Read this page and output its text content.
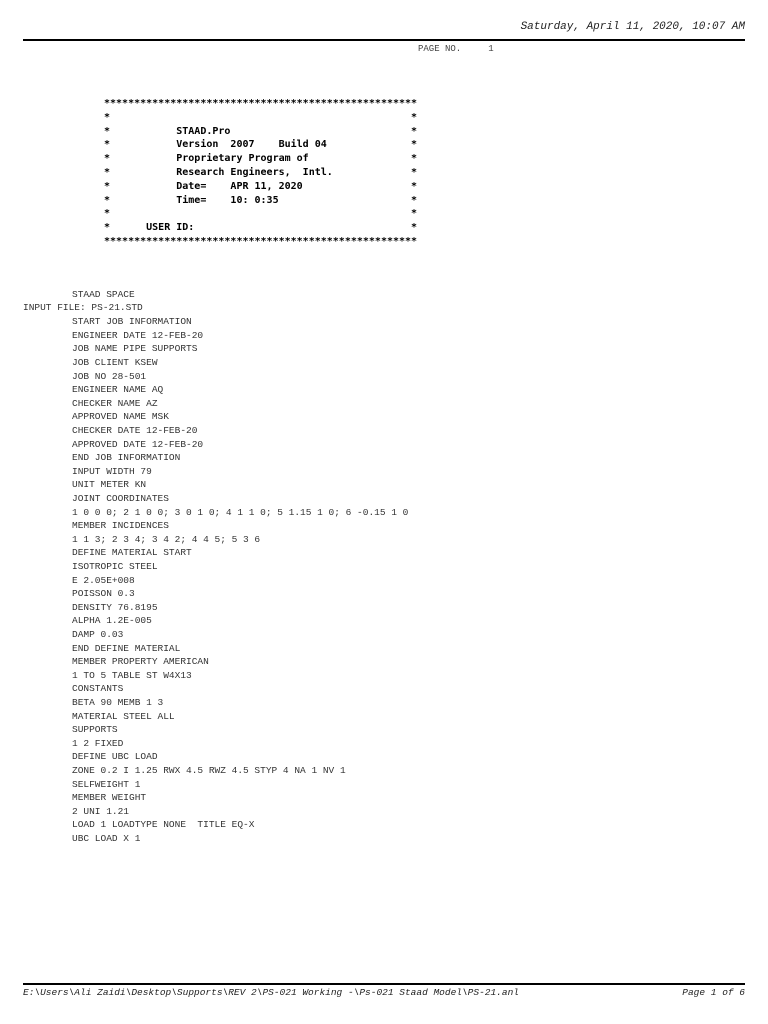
Saturday, April 11, 2020, 10:07 AM
PAGE NO.	1
****************************************************
*                                                  *
*           STAAD.Pro                              *
*           Version  2007    Build 04              *
*           Proprietary Program of                 *
*           Research Engineers,  Intl.             *
*           Date=    APR 11, 2020                  *
*           Time=    10: 0:35                      *
*                                                  *
*      USER ID:                                    *
****************************************************
INPUT FILE: PS-21.STD
STAAD SPACE
START JOB INFORMATION
ENGINEER DATE 12-FEB-20
JOB NAME PIPE SUPPORTS
JOB CLIENT KSEW
JOB NO 28-501
ENGINEER NAME AQ
CHECKER NAME AZ
APPROVED NAME MSK
CHECKER DATE 12-FEB-20
APPROVED DATE 12-FEB-20
END JOB INFORMATION
INPUT WIDTH 79
UNIT METER KN
JOINT COORDINATES
1 0 0 0; 2 1 0 0; 3 0 1 0; 4 1 1 0; 5 1.15 1 0; 6 -0.15 1 0
MEMBER INCIDENCES
1 1 3; 2 3 4; 3 4 2; 4 4 5; 5 3 6
DEFINE MATERIAL START
ISOTROPIC STEEL
E 2.05E+008
POISSON 0.3
DENSITY 76.8195
ALPHA 1.2E-005
DAMP 0.03
END DEFINE MATERIAL
MEMBER PROPERTY AMERICAN
1 TO 5 TABLE ST W4X13
CONSTANTS
BETA 90 MEMB 1 3
MATERIAL STEEL ALL
SUPPORTS
1 2 FIXED
DEFINE UBC LOAD
ZONE 0.2 I 1.25 RWX 4.5 RWZ 4.5 STYP 4 NA 1 NV 1
SELFWEIGHT 1
MEMBER WEIGHT
2 UNI 1.21
LOAD 1 LOADTYPE NONE  TITLE EQ-X
UBC LOAD X 1
E:\Users\Ali Zaidi\Desktop\Supports\REV 2\PS-021 Working -\Ps-021 Staad Model\PS-21.anl	Page 1 of 6
